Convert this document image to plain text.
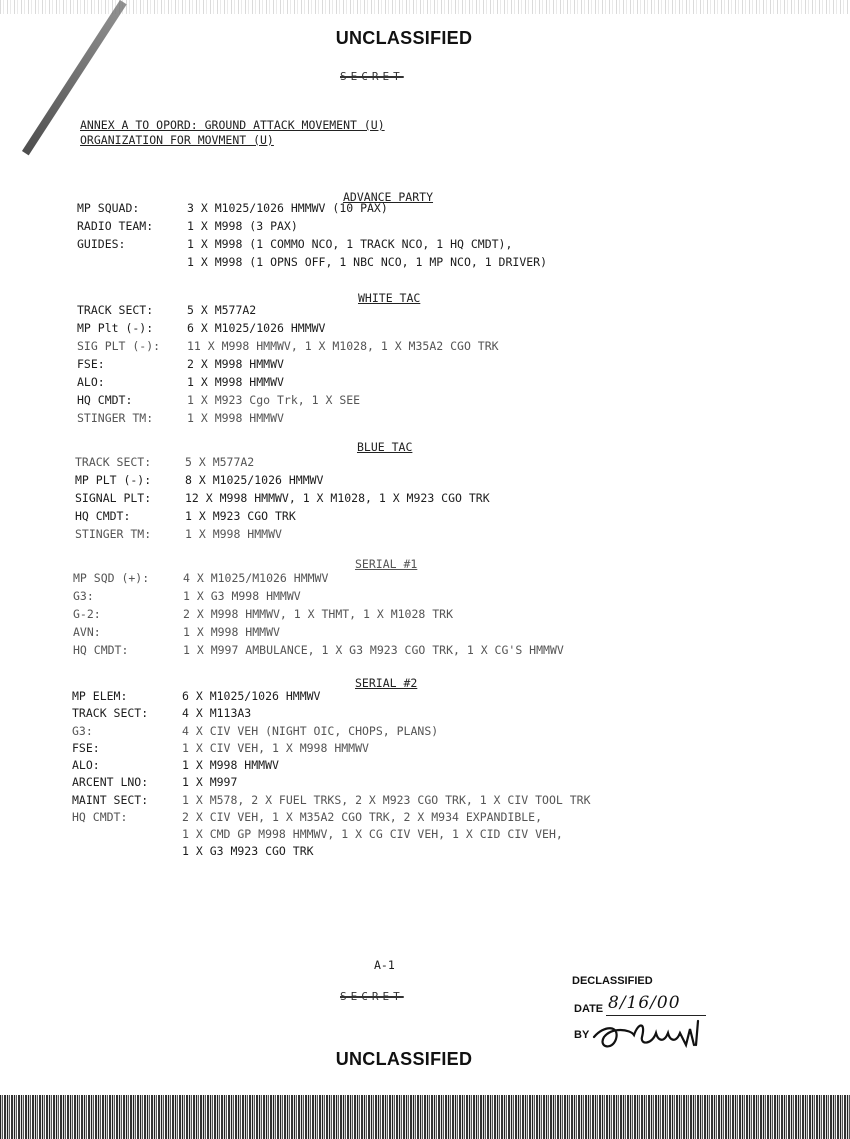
UNCLASSIFIED
SECRET
ANNEX A TO OPORD: GROUND ATTACK MOVEMENT (U)
ORGANIZATION FOR MOVMENT (U)
ADVANCE PARTY
MP SQUAD:	3 X M1025/1026 HMMWV (10 PAX)
RADIO TEAM:	1 X M998 (3 PAX)
GUIDES:	1 X M998 (1 COMMO NCO, 1 TRACK NCO, 1 HQ CMDT),
1 X M998 (1 OPNS OFF, 1 NBC NCO, 1 MP NCO, 1 DRIVER)
WHITE TAC
TRACK SECT:	5 X M577A2
MP Plt (-):	6 X M1025/1026 HMMWV
SIG PLT (-): 11 X M998 HMMWV, 1 X M1028, 1 X M35A2 CGO TRK
FSE:	2 X M998 HMMWV
ALO:	1 X M998 HMMWV
HQ CMDT:	1 X M923 Cgo Trk, 1 X SEE
STINGER TM:	1 X M998 HMMWV
BLUE TAC
TRACK SECT:	5 X M577A2
MP PLT (-):	8 X M1025/1026 HMMWV
SIGNAL PLT:	12 X M998 HMMWV, 1 X M1028, 1 X M923 CGO TRK
HQ CMDT:	1 X M923 CGO TRK
STINGER TM:	1 X M998 HMMWV
SERIAL #1
MP SQD (+):	4 X M1025/M1026 HMMWV
G3:	1 X G3 M998 HMMWV
G-2:	2 X M998 HMMWV, 1 X THMT, 1 X M1028 TRK
AVN:	1 X M998 HMMWV
HQ CMDT:	1 X M997 AMBULANCE, 1 X G3 M923 CGO TRK, 1 X CG'S HMMWV
SERIAL #2
MP ELEM:	6 X M1025/1026 HMMWV
TRACK SECT:	4 X M113A3
G3:	4 X CIV VEH (NIGHT OIC, CHOPS, PLANS)
FSE:	1 X CIV VEH, 1 X M998 HMMWV
ALO:	1 X M998 HMMWV
ARCENT LNO:	1 X M997
MAINT SECT:	1 X M578, 2 X FUEL TRKS, 2 X M923 CGO TRK, 1 X CIV TOOL TRK
HQ CMDT:	2 X CIV VEH, 1 X M35A2 CGO TRK, 2 X M934 EXPANDIBLE,
1 X CMD GP M998 HMMWV, 1 X CG CIV VEH, 1 X CID CIV VEH,
1 X G3 M923 CGO TRK
A-1
SECRET
DECLASSIFIED
DATE 8/16/00
BY
UNCLASSIFIED
